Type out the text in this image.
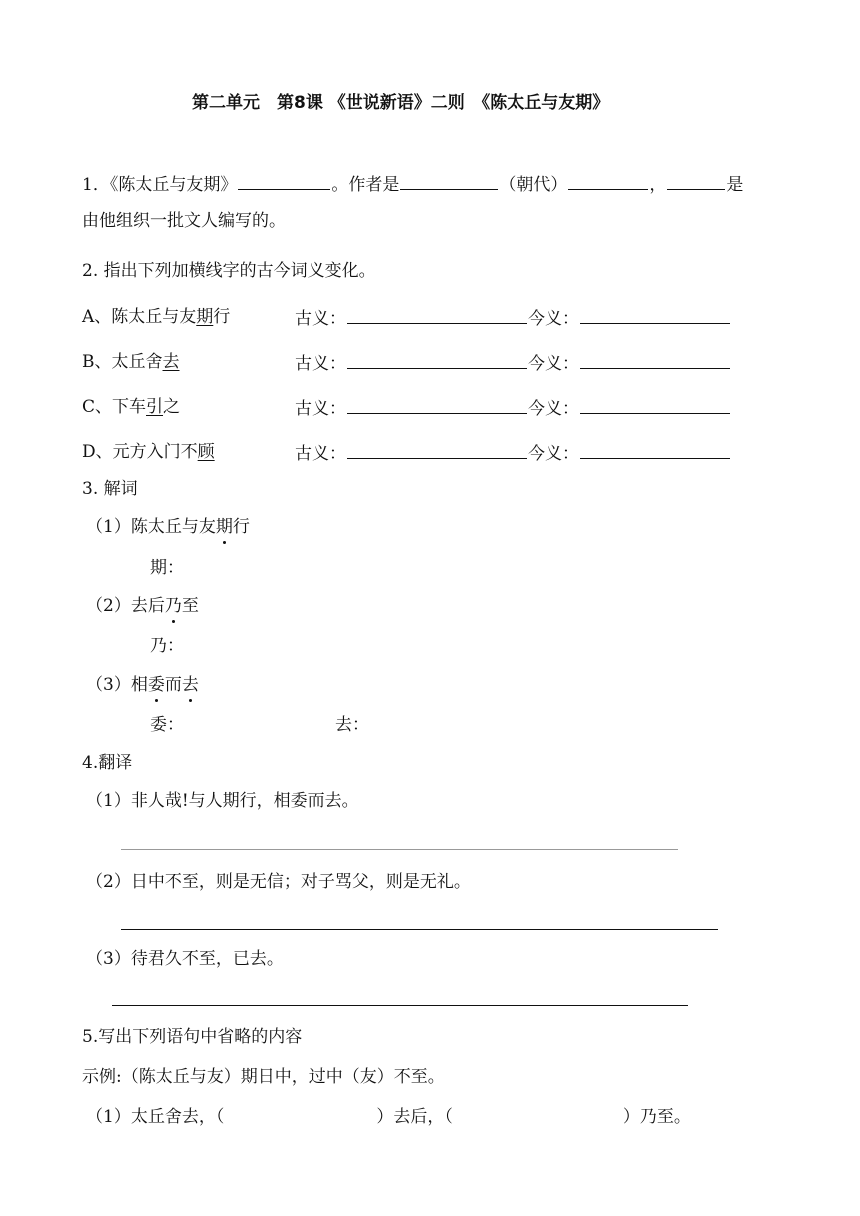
第二单元　第8课 《世说新语》二则　《陈太丘与友期》
1．《陈太丘与友期》	。作者是	（朝代）	，	是
由他组织一批文人编写的。
2. 指出下列加横线字的古今词义变化。
A、陈太丘与友期行	古义：	今义：
B、太丘舍去	古义：	今义：
C、下车引之	古义：	今义：
D、元方入门不顾	古义：	今义：
3. 解词
（1）陈太丘与友期行
期：
（2）去后乃至
乃：
（3）相委而去
委：	去：
4.翻译
（1）非人哉!与人期行，相委而去。
（2）日中不至，则是无信；对子骂父，则是无礼。
（3）待君久不至，已去。
5.写出下列语句中省略的内容
示例:（陈太丘与友）期日中，过中（友）不至。
（1）太丘舍去，（	）去后，（	）乃至。
